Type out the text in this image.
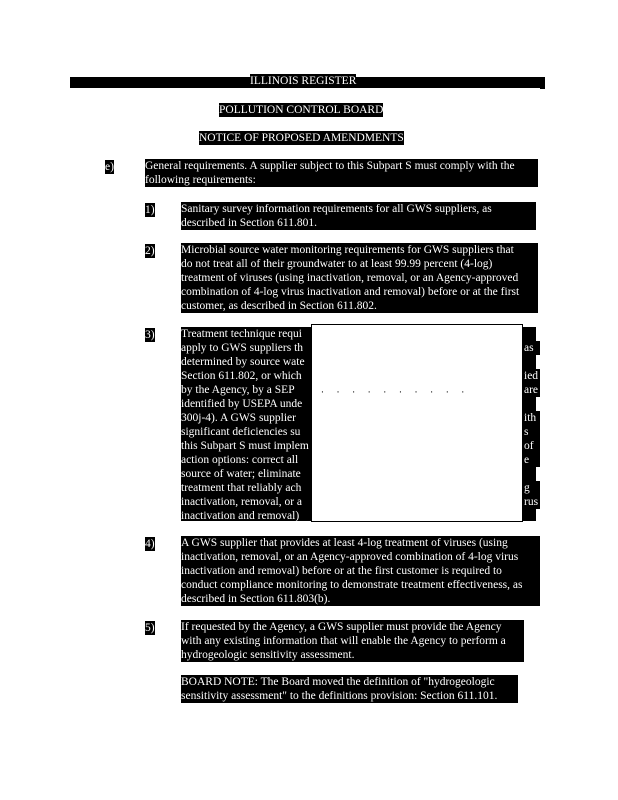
ILLINOIS REGISTER
POLLUTION CONTROL BOARD
NOTICE OF PROPOSED AMENDMENTS
e)	General requirements. A supplier subject to this Subpart S must comply with the
following requirements:
1) Sanitary survey information requirements for all GWS suppliers, as
described in Section 611.801.
2) Microbial source water monitoring requirements for GWS suppliers that
do not treat all of their groundwater to at least 99.99 percent (4-log)
treatment of viruses (using inactivation, removal, or an Agency-approved
combination of 4-log virus inactivation and removal) before or at the first
customer, as described in Section 611.802.
3) Treatment technique requi
apply to GWS suppliers th
determined by source wate
Section 611.802, or which
by the Agency, by a SEP
identified by USEPA unde
300j-4). A GWS supplier
significant deficiencies su
this Subpart S must implem
action options: correct all
source of water; eliminate
treatment that reliably ach
inactivation, removal, or a
inactivation and removal)
· · · · · · · · · ·
as
ied
are
ith
s of
e
g
rus
4) A GWS supplier that provides at least 4-log treatment of viruses (using
inactivation, removal, or an Agency-approved combination of 4-log virus
inactivation and removal) before or at the first customer is required to
conduct compliance monitoring to demonstrate treatment effectiveness, as
described in Section 611.803(b).
5) If requested by the Agency, a GWS supplier must provide the Agency
with any existing information that will enable the Agency to perform a
hydrogeologic sensitivity assessment.
BOARD NOTE: The Board moved the definition of "hydrogeologic
sensitivity assessment" to the definitions provision: Section 611.101.
